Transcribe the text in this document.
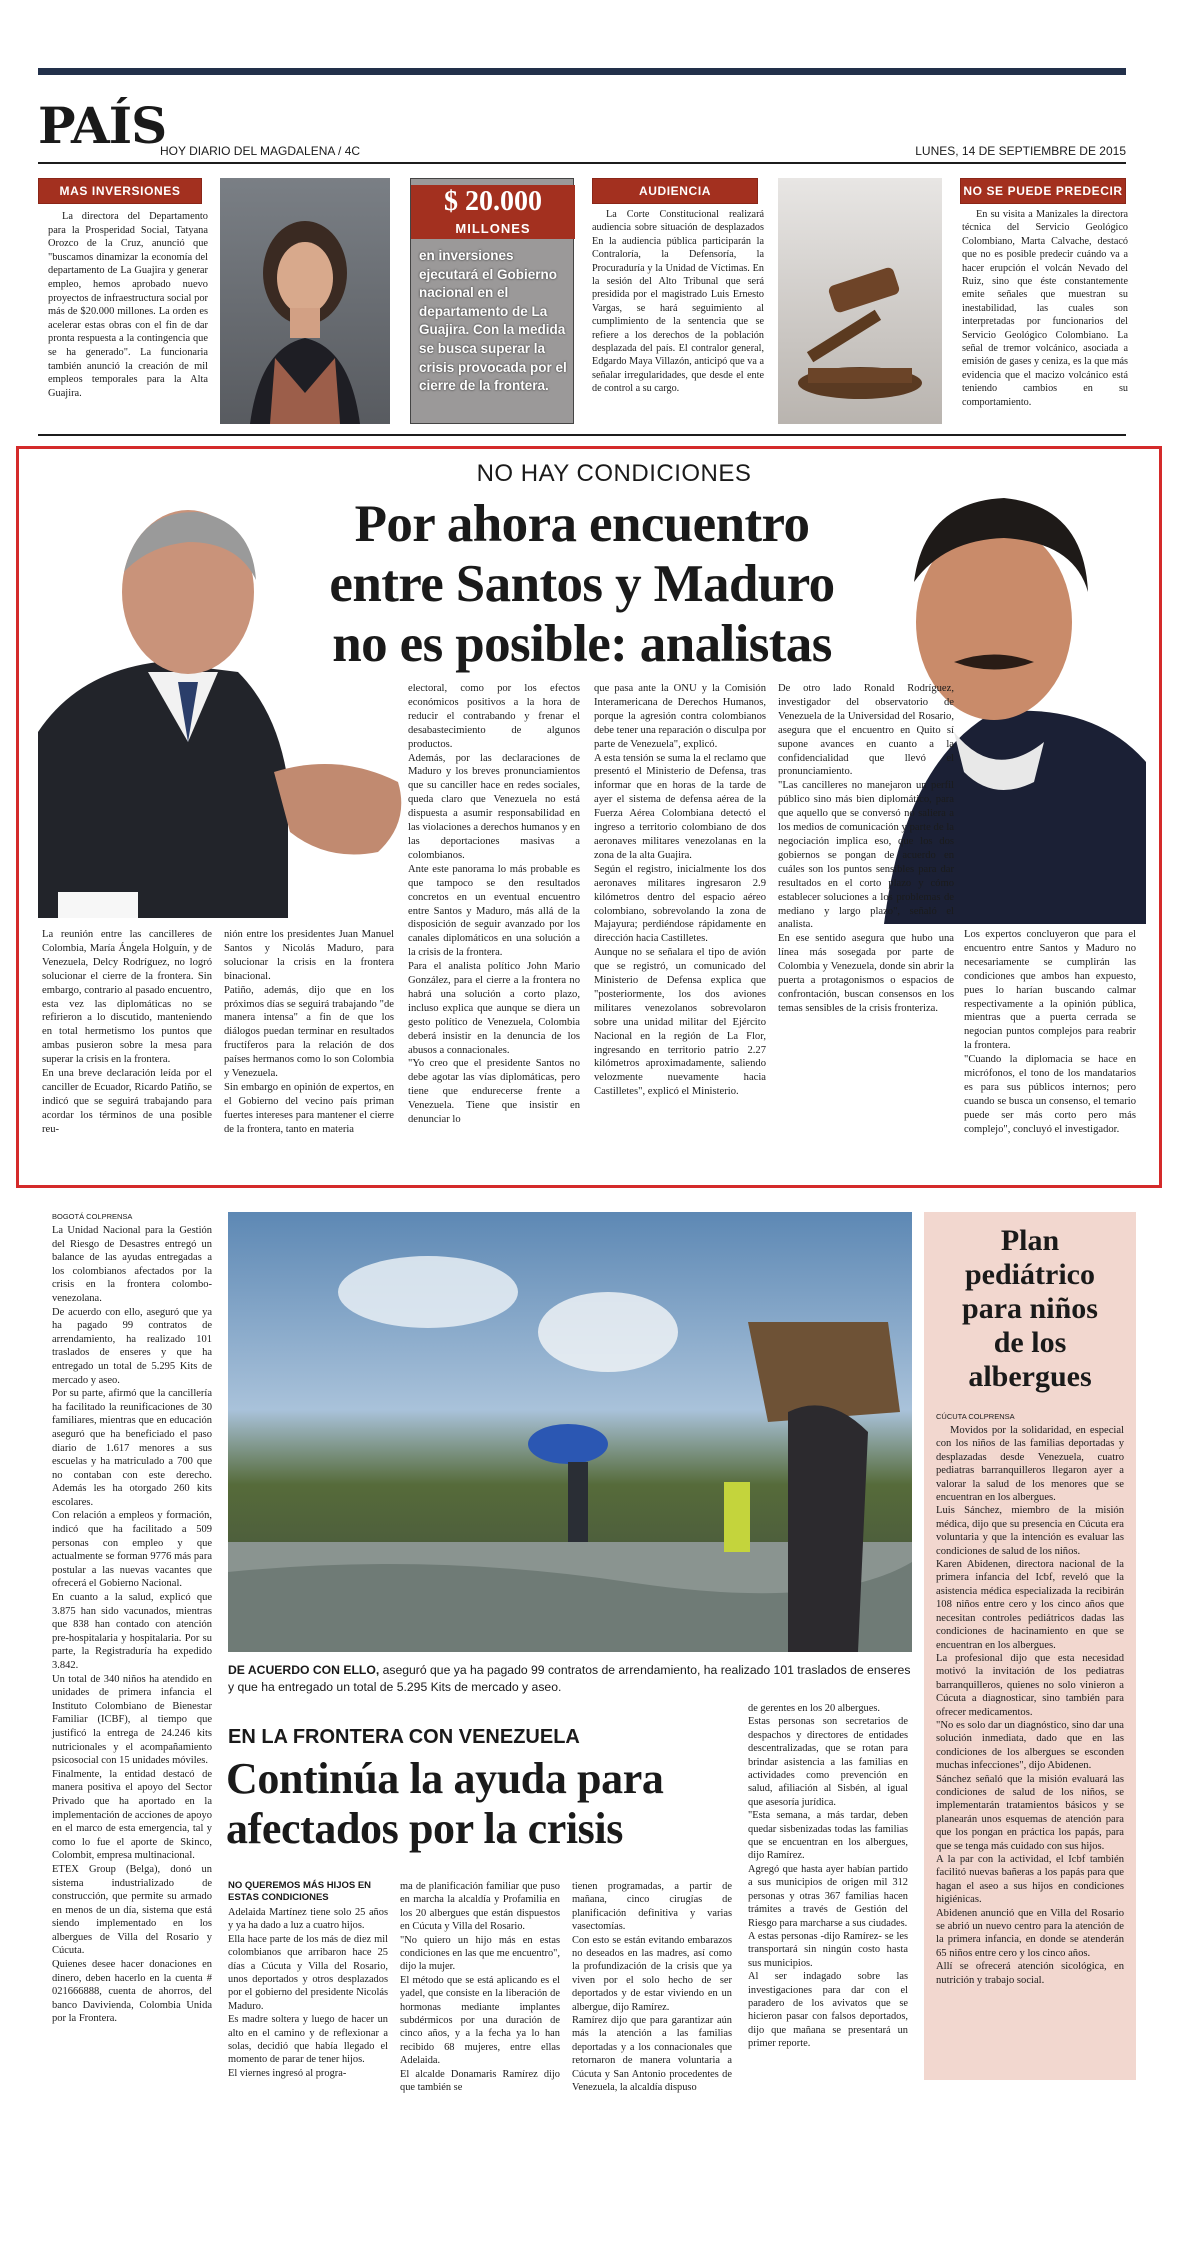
PAÍS
HOY DIARIO DEL MAGDALENA / 4C	LUNES, 14 DE SEPTIEMBRE DE 2015
MAS INVERSIONES

La directora del Departamento para la Prosperidad Social, Tatyana Orozco de la Cruz, anunció que "buscamos dinamizar la economía del departamento de La Guajira y generar empleo, hemos aprobado nuevo proyectos de infraestructura social por más de $20.000 millones. La orden es acelerar estas obras con el fin de dar pronta respuesta a la contingencia que se ha generado". La funcionaria también anunció la creación de mil empleos temporales para la Alta Guajira.

$ 20.000
MILLONES
en inversiones ejecutará el Gobierno nacional en el departamento de La Guajira. Con la medida se busca superar la crisis provocada por el cierre de la frontera.
AUDIENCIA

La Corte Constitucional realizará audiencia sobre situación de desplazados En la audiencia pública participarán la Contraloría, la Defensoría, la Procuraduría y la Unidad de Víctimas. En la sesión del Alto Tribunal que será presidida por el magistrado Luis Ernesto Vargas, se hará seguimiento al cumplimiento de la sentencia que se refiere a los derechos de la población desplazada del país. El contralor general, Edgardo Maya Villazón, anticipó que va a señalar irregularidades, que desde el ente de control a su cargo.

NO SE PUEDE PREDECIR

En su visita a Manizales la directora técnica del Servicio Geológico Colombiano, Marta Calvache, destacó que no es posible predecir cuándo va a hacer erupción el volcán Nevado del Ruiz, sino que éste constantemente emite señales que muestran su inestabilidad, las cuales son interpretadas por funcionarios del Servicio Geológico Colombiano. La señal de tremor volcánico, asociada a emisión de gases y ceniza, es la que más evidencia que el macizo volcánico está teniendo cambios en su comportamiento.

NO HAY CONDICIONES
Por ahora encuentro
entre Santos y Maduro
no es posible: analistas

La reunión entre las cancilleres de Colombia, María Ángela Holguín, y de Venezuela, Delcy Rodríguez, no logró solucionar el cierre de la frontera. Sin embargo, contrario al pasado encuentro, esta vez las diplomáticas no se refirieron a lo discutido, manteniendo en total hermetismo los puntos que ambas pusieron sobre la mesa para superar la crisis en la frontera.
En una breve declaración leída por el canciller de Ecuador, Ricardo Patiño, se indicó que se seguirá trabajando para acordar los términos de una posible reu-

nión entre los presidentes Juan Manuel Santos y Nicolás Maduro, para solucionar la crisis en la frontera binacional.
Patiño, además, dijo que en los próximos días se seguirá trabajando "de manera intensa" a fin de que los diálogos puedan terminar en resultados fructíferos para la relación de dos países hermanos como lo son Colombia y Venezuela.
Sin embargo en opinión de expertos, en el Gobierno del vecino país priman fuertes intereses para mantener el cierre de la frontera, tanto en materia

electoral, como por los efectos económicos positivos a la hora de reducir el contrabando y frenar el desabastecimiento de algunos productos.
Además, por las declaraciones de Maduro y los breves pronunciamientos que su canciller hace en redes sociales, queda claro que Venezuela no está dispuesta a asumir responsabilidad en las violaciones a derechos humanos y en las deportaciones masivas a colombianos.
Ante este panorama lo más probable es que tampoco se den resultados concretos en un eventual encuentro entre Santos y Maduro, más allá de la disposición de seguir avanzado por los canales diplomáticos en una solución a la crisis de la frontera.
Para el analista político John Mario González, para el cierre a la frontera no habrá una solución a corto plazo, incluso explica que aunque se diera un gesto político de Venezuela, Colombia deberá insistir en la denuncia de los abusos a connacionales.
"Yo creo que el presidente Santos no debe agotar las vías diplomáticas, pero tiene que endurecerse frente a Venezuela. Tiene que insistir en denunciar lo

que pasa ante la ONU y la Comisión Interamericana de Derechos Humanos, porque la agresión contra colombianos debe tener una reparación o disculpa por parte de Venezuela", explicó.
A esta tensión se suma la el reclamo que presentó el Ministerio de Defensa, tras informar que en horas de la tarde de ayer el sistema de defensa aérea de la Fuerza Aérea Colombiana detectó el ingreso a territorio colombiano de dos aeronaves militares venezolanas en la zona de la alta Guajira.
Según el registro, inicialmente los dos aeronaves militares ingresaron 2.9 kilómetros dentro del espacio aéreo colombiano, sobrevolando la zona de Majayura; perdiéndose rápidamente en dirección hacia Castilletes.
Aunque no se señalara el tipo de avión que se registró, un comunicado del Ministerio de Defensa explica que "posteriormente, los dos aviones militares venezolanos sobrevolaron sobre una unidad militar del Ejército Nacional en la región de La Flor, ingresando en territorio patrio 2.27 kilómetros aproximadamente, saliendo velozmente nuevamente hacia Castilletes", explicó el Ministerio.

De otro lado Ronald Rodríguez, investigador del observatorio de Venezuela de la Universidad del Rosario, asegura que el encuentro en Quito sí supone avances en cuanto a la confidencialidad que llevó el pronunciamiento.
"Las cancilleres no manejaron un perfil público sino más bien diplomático, para que aquello que se conversó no saliera a los medios de comunicación y parte de la negociación implica eso, que los dos gobiernos se pongan de acuerdo en cuáles son los puntos sensibles para dar resultados en el corto plazo y cómo establecer soluciones a los problemas de mediano y largo plazo", señaló el analista.
En ese sentido asegura que hubo una línea más sosegada por parte de Colombia y Venezuela, donde sin abrir la puerta a protagonismos o espacios de confrontación, buscan consensos en los temas sensibles de la crisis fronteriza.

Los expertos concluyeron que para el encuentro entre Santos y Maduro no necesariamente se cumplirán las condiciones que ambos han expuesto, pues lo harían buscando calmar respectivamente a la opinión pública, mientras que a puerta cerrada se negocian puntos complejos para reabrir la frontera.
"Cuando la diplomacia se hace en micrófonos, el tono de los mandatarios es para sus públicos internos; pero cuando se busca un consenso, el temario puede ser más corto pero más complejo", concluyó el investigador.

BOGOTÁ COLPRENSA

La Unidad Nacional para la Gestión del Riesgo de Desastres entregó un balance de las ayudas entregadas a los colombianos afectados por la crisis en la frontera colombo-venezolana.
De acuerdo con ello, aseguró que ya ha pagado 99 contratos de arrendamiento, ha realizado 101 traslados de enseres y que ha entregado un total de 5.295 Kits de mercado y aseo.
Por su parte, afirmó que la cancillería ha facilitado la reunificaciones de 30 familiares, mientras que en educación aseguró que ha beneficiado el paso diario de 1.617 menores a sus escuelas y ha matriculado a 700 que no contaban con este derecho. Además les ha otorgado 260 kits escolares.
Con relación a empleos y formación, indicó que ha facilitado a 509 personas con empleo y que actualmente se forman 9776 más para postular a las nuevas vacantes que ofrecerá el Gobierno Nacional.
En cuanto a la salud, explicó que 3.875 han sido vacunados, mientras que 838 han contado con atención pre-hospitalaria y hospitalaria. Por su parte, la Registraduría ha expedido 3.842.
Un total de 340 niños ha atendido en unidades de primera infancia el Instituto Colombiano de Bienestar Familiar (ICBF), al tiempo que justificó la entrega de 24.246 kits nutricionales y el acompañamiento psicosocial con 15 unidades móviles.
Finalmente, la entidad destacó de manera positiva el apoyo del Sector Privado que ha aportado en la implementación de acciones de apoyo en el marco de esta emergencia, tal y como lo fue el aporte de Skinco, Colombit, empresa multinacional.
ETEX Group (Belga), donó un sistema industrializado de construcción, que permite su armado en menos de un día, sistema que está siendo implementado en los albergues de Villa del Rosario y Cúcuta.
Quienes desee hacer donaciones en dinero, deben hacerlo en la cuenta # 021666888, cuenta de ahorros, del banco Davivienda, Colombia Unida por la Frontera.

DE ACUERDO CON ELLO, aseguró que ya ha pagado 99 contratos de arrendamiento, ha realizado 101 traslados de enseres y que ha entregado un total de 5.295 Kits de mercado y aseo.
EN LA FRONTERA CON VENEZUELA
Continúa la ayuda para
afectados por la crisis
NO QUEREMOS MÁS HIJOS EN ESTAS CONDICIONES

Adelaida Martínez tiene solo 25 años y ya ha dado a luz a cuatro hijos.
Ella hace parte de los más de diez mil colombianos que arribaron hace 25 días a Cúcuta y Villa del Rosario, unos deportados y otros desplazados por el gobierno del presidente Nicolás Maduro.
Es madre soltera y luego de hacer un alto en el camino y de reflexionar a solas, decidió que había llegado el momento de parar de tener hijos.
El viernes ingresó al progra-

ma de planificación familiar que puso en marcha la alcaldía y Profamilia en los 20 albergues que están dispuestos en Cúcuta y Villa del Rosario.
"No quiero un hijo más en estas condiciones en las que me encuentro", dijo la mujer.
El método que se está aplicando es el yadel, que consiste en la liberación de hormonas mediante implantes subdérmicos por una duración de cinco años, y a la fecha ya lo han recibido 68 mujeres, entre ellas Adelaida.
El alcalde Donamaris Ramírez dijo que también se

tienen programadas, a partir de mañana, cinco cirugías de planificación definitiva y varias vasectomías.
Con esto se están evitando embarazos no deseados en las madres, así como la profundización de la crisis que ya viven por el solo hecho de ser deportados y de estar viviendo en un albergue, dijo Ramírez.
Ramírez dijo que para garantizar aún más la atención a las familias deportadas y a los connacionales que retornaron de manera voluntaria a Cúcuta y San Antonio procedentes de Venezuela, la alcaldía dispuso

de gerentes en los 20 albergues.
Estas personas son secretarios de despachos y directores de entidades descentralizadas, que se rotan para brindar asistencia a las familias en actividades como prevención en salud, afiliación al Sisbén, al igual que asesoría jurídica.
"Esta semana, a más tardar, deben quedar sisbenizadas todas las familias que se encuentran en los albergues, dijo Ramírez.
Agregó que hasta ayer habían partido a sus municipios de origen mil 312 personas y otras 367 familias hacen trámites a través de Gestión del Riesgo para marcharse a sus ciudades.
A estas personas -dijo Ramírez- se les transportará sin ningún costo hasta sus municipios.
Al ser indagado sobre las investigaciones para dar con el paradero de los avivatos que se hicieron pasar con falsos deportados, dijo que mañana se presentará un primer reporte.

Plan
pediátrico
para niños
de los
albergues
CÚCUTA COLPRENSA

Movidos por la solidaridad, en especial con los niños de las familias deportadas y desplazadas desde Venezuela, cuatro pediatras barranquilleros llegaron ayer a valorar la salud de los menores que se encuentran en los albergues.
Luis Sánchez, miembro de la misión médica, dijo que su presencia en Cúcuta era voluntaria y que la intención es evaluar las condiciones de salud de los niños.
Karen Abidenen, directora nacional de la primera infancia del Icbf, reveló que la asistencia médica especializada la recibirán 108 niños entre cero y los cinco años que necesitan controles pediátricos dadas las condiciones de hacinamiento en que se encuentran en los albergues.
La profesional dijo que esta necesidad motivó la invitación de los pediatras barranquilleros, quienes no solo vinieron a Cúcuta a diagnosticar, sino también para ofrecer medicamentos.
"No es solo dar un diagnóstico, sino dar una solución inmediata, dado que en las condiciones de los albergues se esconden muchas infecciones", dijo Abidenen.
Sánchez señaló que la misión evaluará las condiciones de salud de los niños, se implementarán tratamientos básicos y se planearán unos esquemas de atención para que los pongan en práctica los papás, para que se tenga más cuidado con sus hijos.
A la par con la actividad, el Icbf también facilitó nuevas bañeras a los papás para que hagan el aseo a sus hijos en condiciones higiénicas.
Abidenen anunció que en Villa del Rosario se abrió un nuevo centro para la atención de la primera infancia, en donde se atenderán 65 niños entre cero y los cinco años.
Allí se ofrecerá atención sicológica, en nutrición y trabajo social.
